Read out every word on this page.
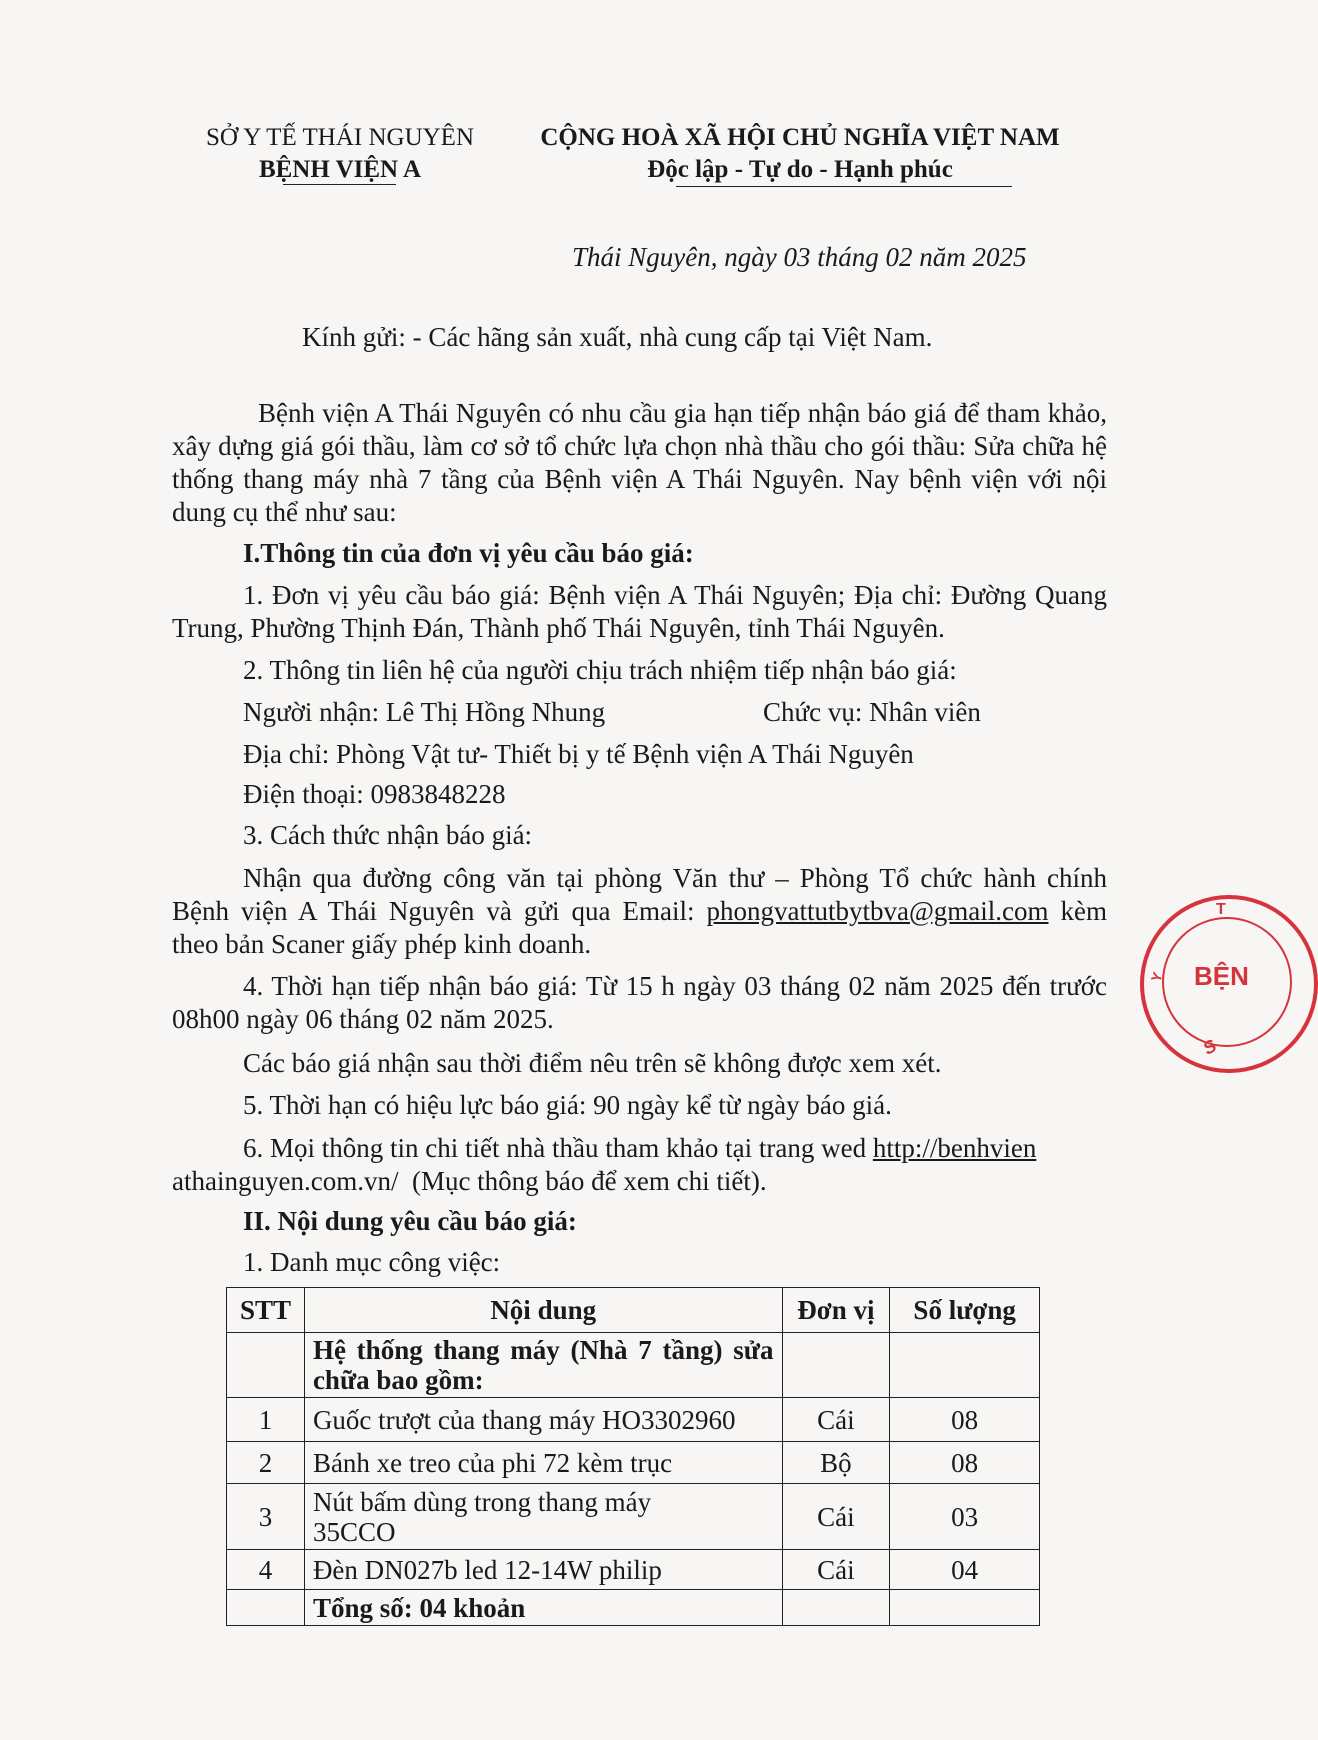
SỞ Y TẾ THÁI NGUYÊN
BỆNH VIỆN A
CỘNG HOÀ XÃ HỘI CHỦ NGHĨA VIỆT NAM
Độc lập - Tự do - Hạnh phúc
Thái Nguyên, ngày 03 tháng 02 năm 2025
Kính gửi: - Các hãng sản xuất, nhà cung cấp tại Việt Nam.
Bệnh viện A Thái Nguyên có nhu cầu gia hạn tiếp nhận báo giá để tham khảo, xây dựng giá gói thầu, làm cơ sở tổ chức lựa chọn nhà thầu cho gói thầu: Sửa chữa hệ thống thang máy nhà 7 tầng của Bệnh viện A Thái Nguyên. Nay bệnh viện với nội dung cụ thể như sau:
I.Thông tin của đơn vị yêu cầu báo giá:
1. Đơn vị yêu cầu báo giá: Bệnh viện A Thái Nguyên; Địa chỉ: Đường Quang Trung, Phường Thịnh Đán, Thành phố Thái Nguyên, tỉnh Thái Nguyên.
2. Thông tin liên hệ của người chịu trách nhiệm tiếp nhận báo giá:
Người nhận: Lê Thị Hồng Nhung	Chức vụ: Nhân viên
Địa chỉ: Phòng Vật tư- Thiết bị y tế Bệnh viện A Thái Nguyên
Điện thoại: 0983848228
3. Cách thức nhận báo giá:
Nhận qua đường công văn tại phòng Văn thư – Phòng Tổ chức hành chính Bệnh viện A Thái Nguyên và gửi qua Email: phongvattutbytbva@gmail.com kèm theo bản Scaner giấy phép kinh doanh.
4. Thời hạn tiếp nhận báo giá: Từ 15 h ngày 03 tháng 02 năm 2025 đến trước 08h00 ngày 06 tháng 02 năm 2025.
Các báo giá nhận sau thời điểm nêu trên sẽ không được xem xét.
5. Thời hạn có hiệu lực báo giá: 90 ngày kể từ ngày báo giá.
6. Mọi thông tin chi tiết nhà thầu tham khảo tại trang wed http://benhvien
athainguyen.com.vn/ (Mục thông báo để xem chi tiết).
II. Nội dung yêu cầu báo giá:
1. Danh mục công việc:
STT	Nội dung	Đơn vị	Số lượng
	Hệ thống thang máy (Nhà 7 tầng) sửa chữa bao gồm:		
1	Guốc trượt của thang máy HO3302960	Cái	08
2	Bánh xe treo của phi 72 kèm trục	Bộ	08
3	Nút bấm dùng trong thang máy 35CCO	Cái	03
4	Đèn DN027b led 12-14W philip	Cái	04
	Tổng số: 04 khoản		
T
Y BỆN
S
